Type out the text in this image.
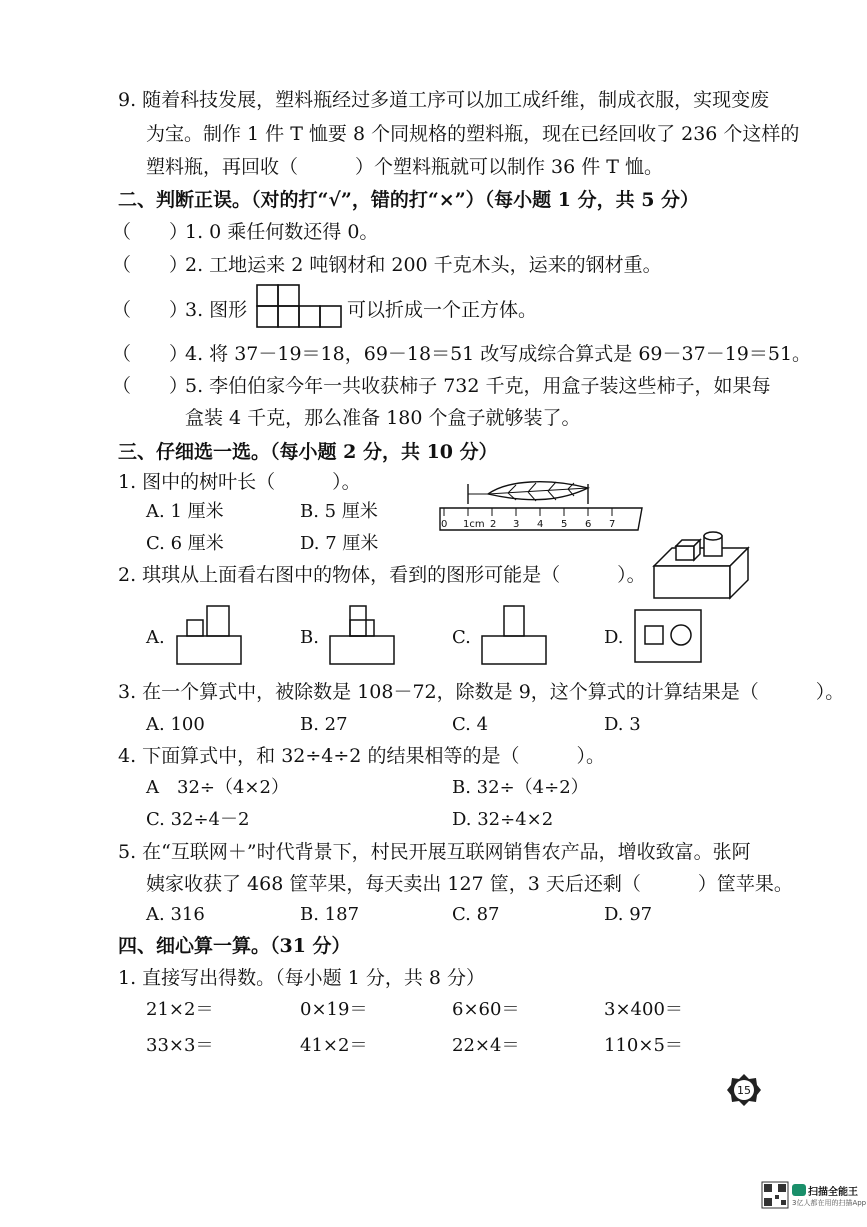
9. 随着科技发展，塑料瓶经过多道工序可以加工成纤维，制成衣服，实现变废
为宝。制作 1 件 T 恤要 8 个同规格的塑料瓶，现在已经回收了 236 个这样的
塑料瓶，再回收（　　　）个塑料瓶就可以制作 36 件 T 恤。
二、判断正误。（对的打“√”，错的打“×”）（每小题 1 分，共 5 分）
（　　）
1. 0 乘任何数还得 0。
（　　）
2. 工地运来 2 吨钢材和 200 千克木头，运来的钢材重。
（　　）
3. 图形	可以折成一个正方体。
（　　）
4. 将 37－19＝18，69－18＝51 改写成综合算式是 69－37－19＝51。
（　　）
5. 李伯伯家今年一共收获柿子 732 千克，用盒子装这些柿子，如果每
盒装 4 千克，那么准备 180 个盒子就够装了。
三、仔细选一选。（每小题 2 分，共 10 分）
1. 图中的树叶长（　　　）。
0 1cm 2 3 4 5 6 7
A. 1 厘米	B. 5 厘米
C. 6 厘米	D. 7 厘米
2. 琪琪从上面看右图中的物体，看到的图形可能是（　　　）。
A.	B.	C.	D.
3. 在一个算式中，被除数是 108－72，除数是 9，这个算式的计算结果是（　　　）。
A. 100	B. 27	C. 4	D. 3
4. 下面算式中，和 32÷4÷2 的结果相等的是（　　　）。
A　32÷（4×2）	B. 32÷（4÷2）
C. 32÷4－2	D. 32÷4×2
5. 在“互联网＋”时代背景下，村民开展互联网销售农产品，增收致富。张阿
姨家收获了 468 筐苹果，每天卖出 127 筐，3 天后还剩（　　　）筐苹果。
A. 316	B. 187	C. 87	D. 97
四、细心算一算。（31 分）
1. 直接写出得数。（每小题 1 分，共 8 分）
21×2＝	0×19＝	6×60＝	3×400＝
33×3＝	41×2＝	22×4＝	110×5＝
15
扫描全能王
3亿人都在用的扫描App
